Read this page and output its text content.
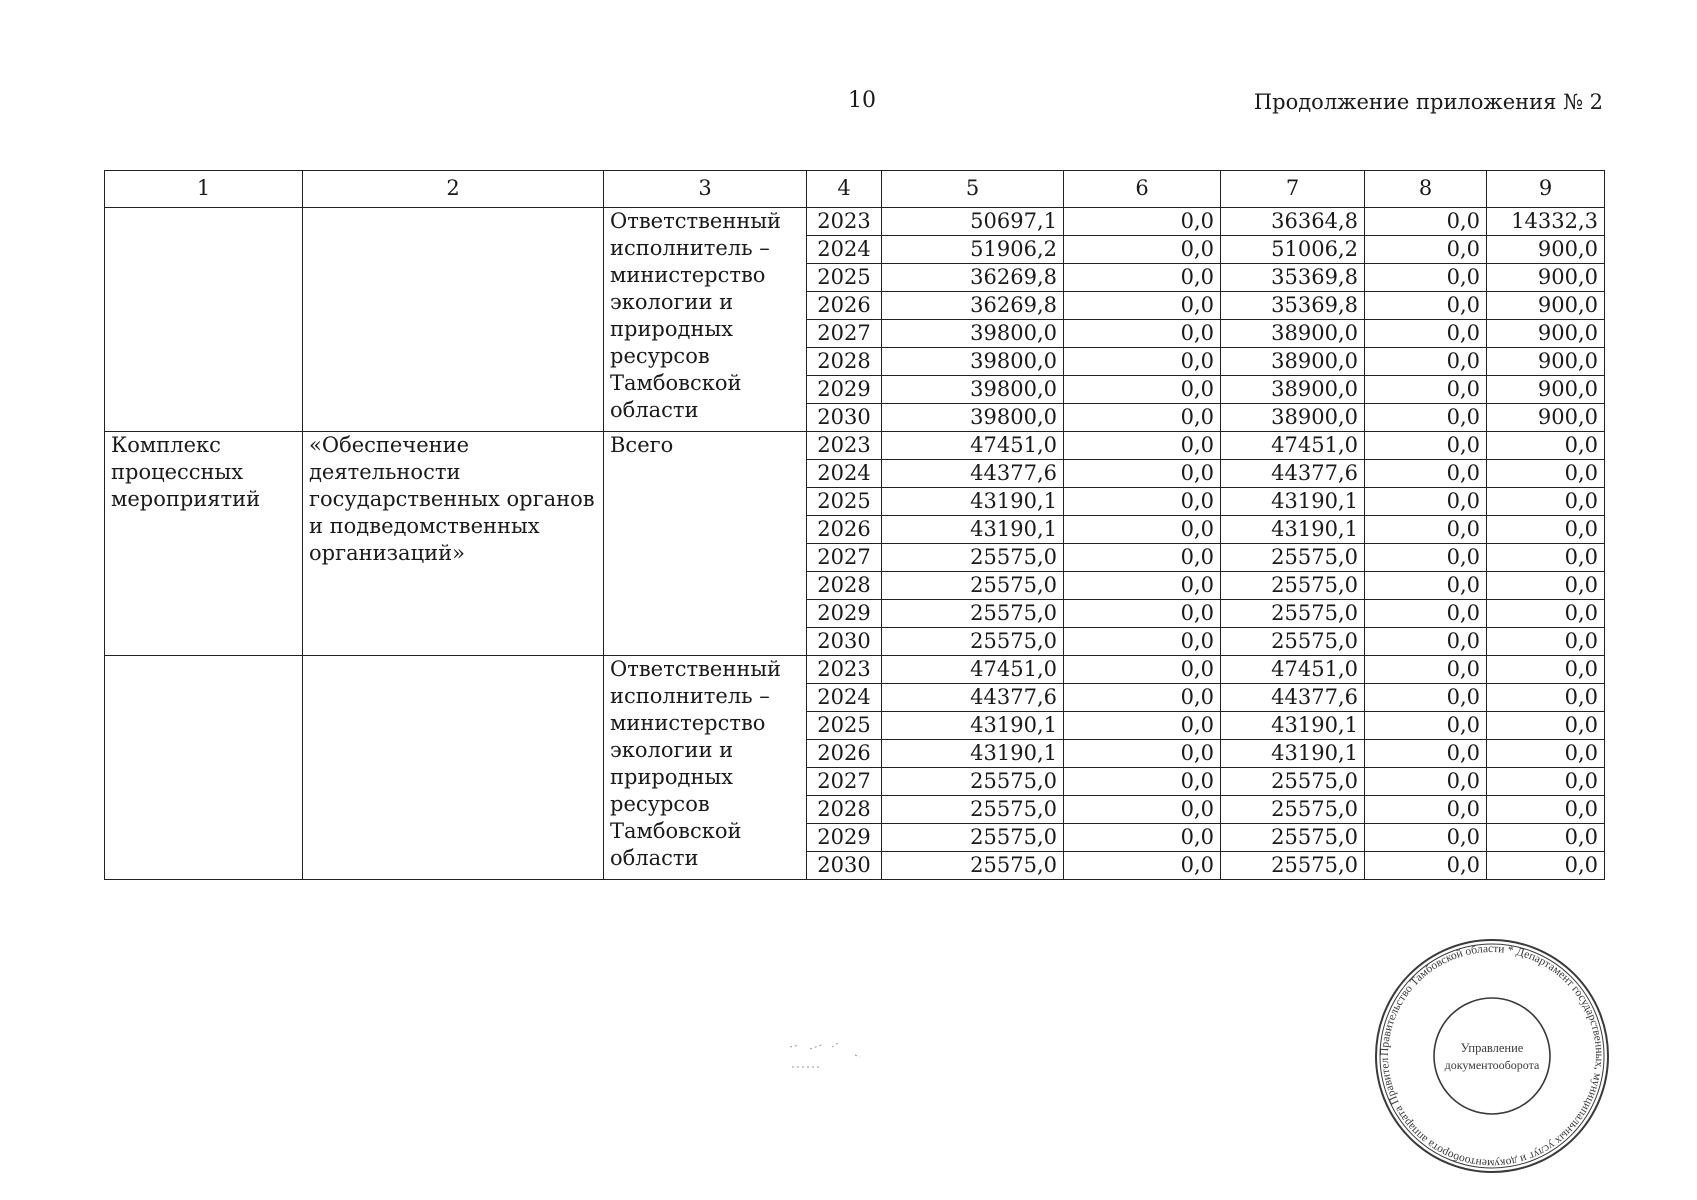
10	Продолжение приложения № 2
1	2	3	4	5	6	7	8	9
		Ответственный исполнитель – министерство экологии и природных ресурсов Тамбовской области	2023	50697,1	0,0	36364,8	0,0	14332,3
			2024	51906,2	0,0	51006,2	0,0	900,0
			2025	36269,8	0,0	35369,8	0,0	900,0
			2026	36269,8	0,0	35369,8	0,0	900,0
			2027	39800,0	0,0	38900,0	0,0	900,0
			2028	39800,0	0,0	38900,0	0,0	900,0
			2029	39800,0	0,0	38900,0	0,0	900,0
			2030	39800,0	0,0	38900,0	0,0	900,0
Комплекс процессных мероприятий	«Обеспечение деятельности государственных органов и подведомственных организаций»	Всего	2023	47451,0	0,0	47451,0	0,0	0,0
			2024	44377,6	0,0	44377,6	0,0	0,0
			2025	43190,1	0,0	43190,1	0,0	0,0
			2026	43190,1	0,0	43190,1	0,0	0,0
			2027	25575,0	0,0	25575,0	0,0	0,0
			2028	25575,0	0,0	25575,0	0,0	0,0
			2029	25575,0	0,0	25575,0	0,0	0,0
			2030	25575,0	0,0	25575,0	0,0	0,0
		Ответственный исполнитель – министерство экологии и природных ресурсов Тамбовской области	2023	47451,0	0,0	47451,0	0,0	0,0
			2024	44377,6	0,0	44377,6	0,0	0,0
			2025	43190,1	0,0	43190,1	0,0	0,0
			2026	43190,1	0,0	43190,1	0,0	0,0
			2027	25575,0	0,0	25575,0	0,0	0,0
			2028	25575,0	0,0	25575,0	0,0	0,0
			2029	25575,0	0,0	25575,0	0,0	0,0
			2030	25575,0	0,0	25575,0	0,0	0,0
Правительство Тамбовской области * Департамент государственных, муниципальных услуг и документооборота аппарата Правител
Управление
документооборота
